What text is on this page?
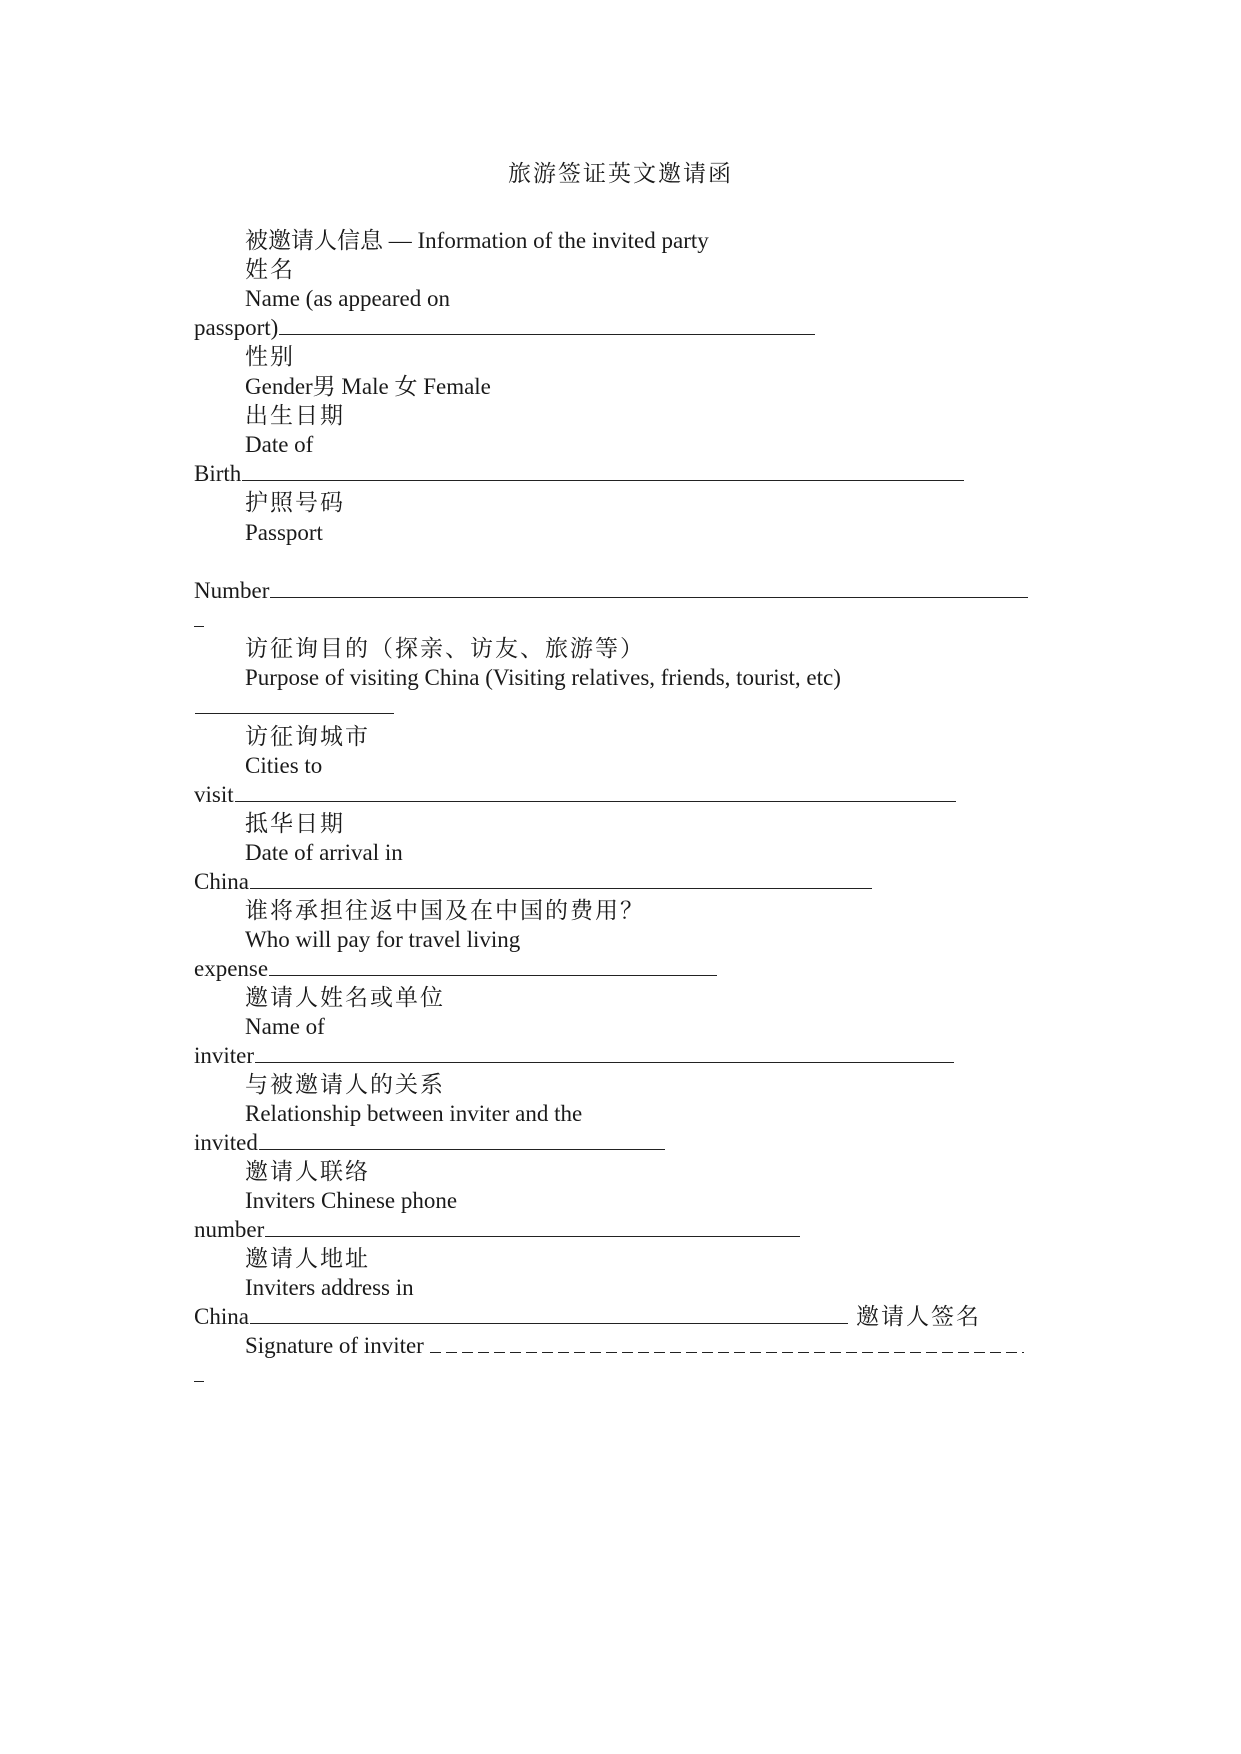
旅游签证英文邀请函
被邀请人信息 — Information of the invited party
姓名
Name (as appeared on
passport)
性别
Gender男 Male 女 Female
出生日期
Date of
Birth
护照号码
Passport
Number
访征询目的（探亲、访友、旅游等）
Purpose of visiting China (Visiting relatives, friends, tourist, etc)
访征询城市
Cities to
visit
抵华日期
Date of arrival in
China
谁将承担往返中国及在中国的费用？
Who will pay for travel living
expense
邀请人姓名或单位
Name of
inviter
与被邀请人的关系
Relationship between inviter and the
invited
邀请人联络
Inviters Chinese phone
number
邀请人地址
Inviters address in
China	邀请人签名
Signature of inviter
